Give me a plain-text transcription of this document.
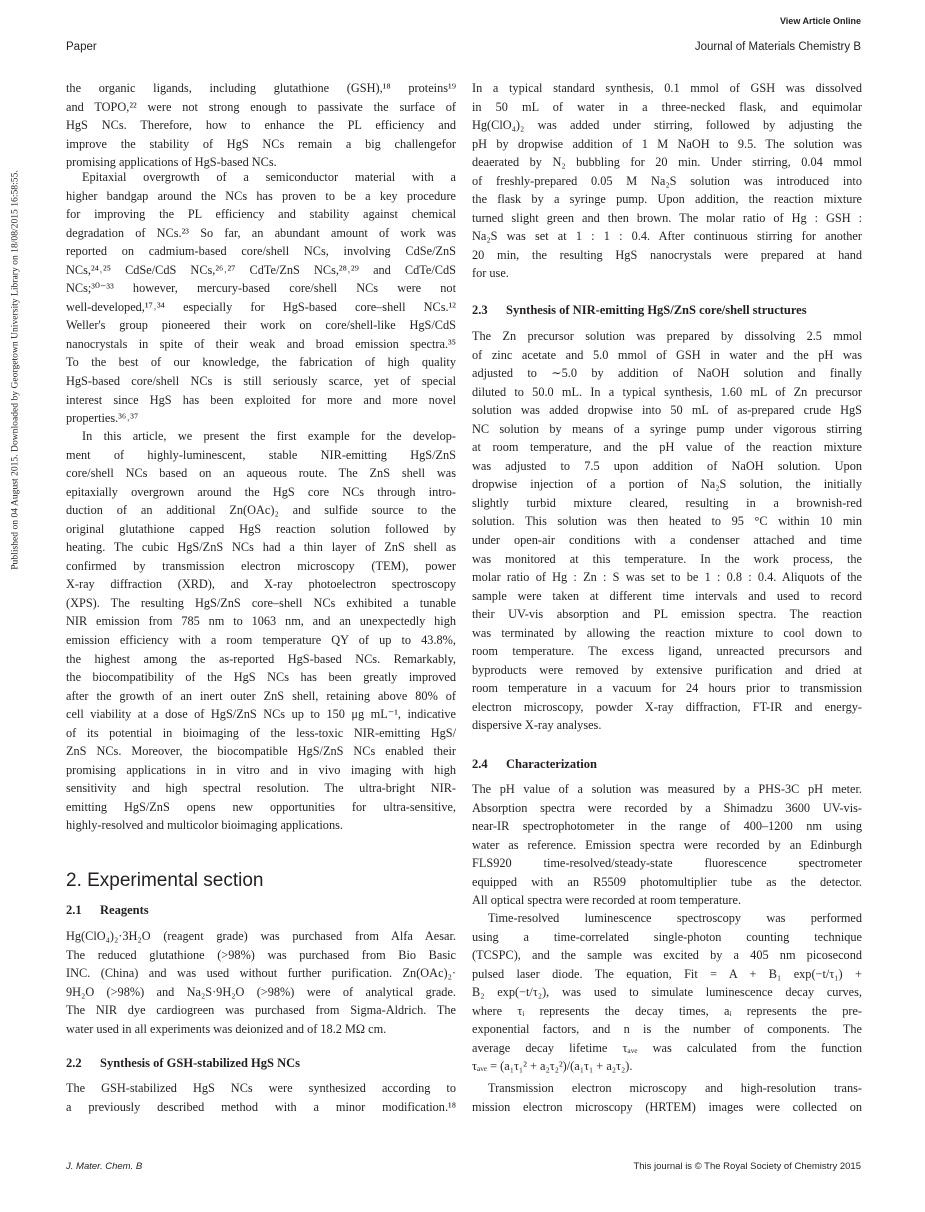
Published on 04 August 2015. Downloaded by Georgetown University Library on 18/08/2015 16:58:55.
View Article Online
Paper	Journal of Materials Chemistry B
the organic ligands, including glutathione (GSH),¹⁸ proteins¹⁹
and TOPO,²² were not strong enough to passivate the surface of
HgS NCs. Therefore, how to enhance the PL efficiency and
improve the stability of HgS NCs remain a big challengefor
promising applications of HgS-based NCs.
Epitaxial overgrowth of a semiconductor material with a
higher bandgap around the NCs has proven to be a key procedure
for improving the PL efficiency and stability against chemical
degradation of NCs.²³ So far, an abundant amount of work was
reported on cadmium-based core/shell NCs, involving CdSe/ZnS
NCs,²⁴˒²⁵ CdSe/CdS NCs,²⁶˒²⁷ CdTe/ZnS NCs,²⁸˒²⁹ and CdTe/CdS
NCs;³⁰⁻³³ however, mercury-based core/shell NCs were not
well-developed,¹⁷˒³⁴ especially for HgS-based core–shell NCs.¹²
Weller's group pioneered their work on core/shell-like HgS/CdS
nanocrystals in spite of their weak and broad emission spectra.³⁵
To the best of our knowledge, the fabrication of high quality
HgS-based core/shell NCs is still seriously scarce, yet of special
interest since HgS has been exploited for more and more novel
properties.³⁶˒³⁷
In this article, we present the first example for the develop-
ment of highly-luminescent, stable NIR-emitting HgS/ZnS
core/shell NCs based on an aqueous route. The ZnS shell was
epitaxially overgrown around the HgS core NCs through intro-
duction of an additional Zn(OAc)₂ and sulfide source to the
original glutathione capped HgS reaction solution followed by
heating. The cubic HgS/ZnS NCs had a thin layer of ZnS shell as
confirmed by transmission electron microscopy (TEM), power
X-ray diffraction (XRD), and X-ray photoelectron spectroscopy
(XPS). The resulting HgS/ZnS core–shell NCs exhibited a tunable
NIR emission from 785 nm to 1063 nm, and an unexpectedly high
emission efficiency with a room temperature QY of up to 43.8%,
the highest among the as-reported HgS-based NCs. Remarkably,
the biocompatibility of the HgS NCs has been greatly improved
after the growth of an inert outer ZnS shell, retaining above 80% of
cell viability at a dose of HgS/ZnS NCs up to 150 μg mL⁻¹, indicative
of its potential in bioimaging of the less-toxic NIR-emitting HgS/
ZnS NCs. Moreover, the biocompatible HgS/ZnS NCs enabled their
promising applications in in vitro and in vivo imaging with high
sensitivity and high spectral resolution. The ultra-bright NIR-
emitting HgS/ZnS opens new opportunities for ultra-sensitive,
highly-resolved and multicolor bioimaging applications.
2. Experimental section
2.1 Reagents
Hg(ClO₄)₂·3H₂O (reagent grade) was purchased from Alfa Aesar.
The reduced glutathione (>98%) was purchased from Bio Basic
INC. (China) and was used without further purification. Zn(OAc)₂·
9H₂O (>98%) and Na₂S·9H₂O (>98%) were of analytical grade.
The NIR dye cardiogreen was purchased from Sigma-Aldrich. The
water used in all experiments was deionized and of 18.2 MΩ cm.
2.2 Synthesis of GSH-stabilized HgS NCs
The GSH-stabilized HgS NCs were synthesized according to
a previously described method with a minor modification.¹⁸
In a typical standard synthesis, 0.1 mmol of GSH was dissolved
in 50 mL of water in a three-necked flask, and equimolar
Hg(ClO₄)₂ was added under stirring, followed by adjusting the
pH by dropwise addition of 1 M NaOH to 9.5. The solution was
deaerated by N₂ bubbling for 20 min. Under stirring, 0.04 mmol
of freshly-prepared 0.05 M Na₂S solution was introduced into
the flask by a syringe pump. Upon addition, the reaction mixture
turned slight green and then brown. The molar ratio of Hg : GSH :
Na₂S was set at 1 : 1 : 0.4. After continuous stirring for another
20 min, the resulting HgS nanocrystals were prepared at hand
for use.
2.3 Synthesis of NIR-emitting HgS/ZnS core/shell structures
The Zn precursor solution was prepared by dissolving 2.5 mmol
of zinc acetate and 5.0 mmol of GSH in water and the pH was
adjusted to ∼5.0 by addition of NaOH solution and finally
diluted to 50.0 mL. In a typical synthesis, 1.60 mL of Zn precursor
solution was added dropwise into 50 mL of as-prepared crude HgS
NC solution by means of a syringe pump under vigorous stirring
at room temperature, and the pH value of the reaction mixture
was adjusted to 7.5 upon addition of NaOH solution. Upon
dropwise injection of a portion of Na₂S solution, the initially
slightly turbid mixture cleared, resulting in a brownish-red
solution. This solution was then heated to 95 °C within 10 min
under open-air conditions with a condenser attached and time
was monitored at this temperature. In the work process, the
molar ratio of Hg : Zn : S was set to be 1 : 0.8 : 0.4. Aliquots of the
sample were taken at different time intervals and used to record
their UV-vis absorption and PL emission spectra. The reaction
was terminated by allowing the reaction mixture to cool down to
room temperature. The excess ligand, unreacted precursors and
byproducts were removed by extensive purification and dried at
room temperature in a vacuum for 24 hours prior to transmission
electron microscopy, powder X-ray diffraction, FT-IR and energy-
dispersive X-ray analyses.
2.4 Characterization
The pH value of a solution was measured by a PHS-3C pH meter.
Absorption spectra were recorded by a Shimadzu 3600 UV-vis-
near-IR spectrophotometer in the range of 400–1200 nm using
water as reference. Emission spectra were recorded by an Edinburgh
FLS920 time-resolved/steady-state fluorescence spectrometer
equipped with an R5509 photomultiplier tube as the detector.
All optical spectra were recorded at room temperature.
Time-resolved luminescence spectroscopy was performed
using a time-correlated single-photon counting technique
(TCSPC), and the sample was excited by a 405 nm picosecond
pulsed laser diode. The equation, Fit = A + B₁ exp(−t/τ₁) +
B₂ exp(−t/τ₂), was used to simulate luminescence decay curves,
where τᵢ represents the decay times, aᵢ represents the pre-
exponential factors, and n is the number of components. The
average decay lifetime τₐᵥₑ was calculated from the function
τₐᵥₑ = (a₁τ₁² + a₂τ₂²)/(a₁τ₁ + a₂τ₂).
Transmission electron microscopy and high-resolution trans-
mission electron microscopy (HRTEM) images were collected on
J. Mater. Chem. B	This journal is © The Royal Society of Chemistry 2015
